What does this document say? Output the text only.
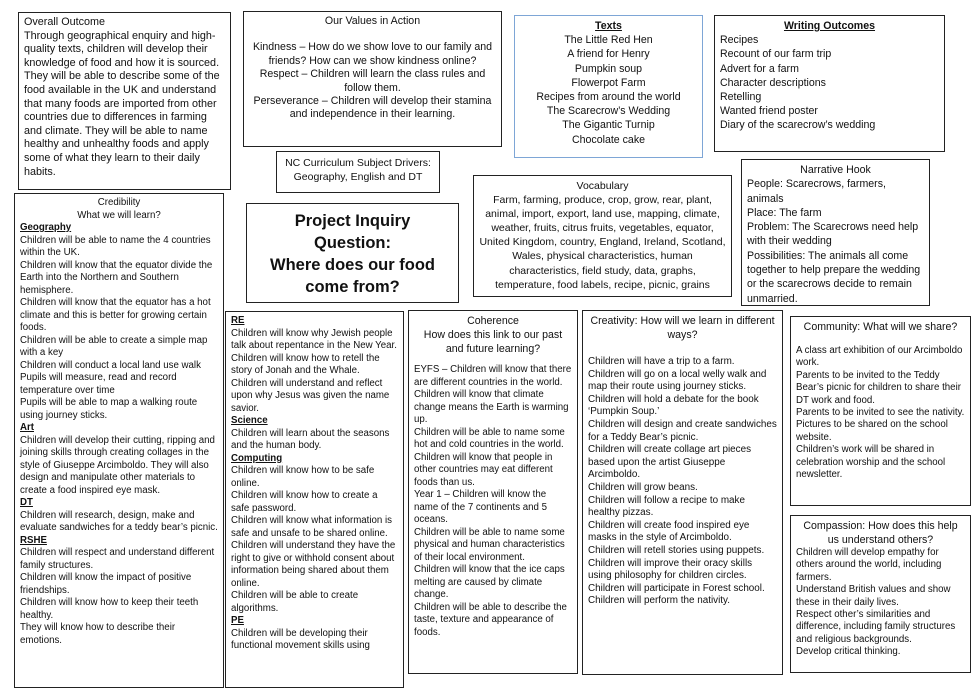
Overall Outcome
Through geographical enquiry and high-quality texts, children will develop their knowledge of food and how it is sourced. They will be able to describe some of the food available in the UK and understand that many foods are imported from other countries due to differences in farming and climate. They will be able to name healthy and unhealthy foods and apply some of what they learn to their daily habits.
Our Values in Action
Kindness – How do we show love to our family and friends? How can we show kindness online?
Respect – Children will learn the class rules and follow them.
Perseverance – Children will develop their stamina and independence in their learning.
Texts
The Little Red Hen
A friend for Henry
Pumpkin soup
Flowerpot Farm
Recipes from around the world
The Scarecrow’s Wedding
The Gigantic Turnip
Chocolate cake
Writing Outcomes
Recipes
Recount of our farm trip
Advert for a farm
Character descriptions
Retelling
Wanted friend poster
Diary of the scarecrow’s wedding
NC Curriculum Subject Drivers:
Geography, English and DT
Vocabulary
Farm, farming, produce, crop, grow, rear, plant, animal, import, export, land use, mapping, climate, weather, fruits, citrus fruits, vegetables, equator, United Kingdom, country, England, Ireland, Scotland, Wales, physical characteristics, human characteristics, field study, data, graphs, temperature, food labels, recipe, picnic, grains
Narrative Hook
People: Scarecrows, farmers, animals
Place: The farm
Problem: The Scarecrows need help with their wedding
Possibilities: The animals all come together to help prepare the wedding or the scarecrows decide to remain unmarried.
Project Inquiry
Question:
Where does our food
come from?
Credibility
What we will learn?
Geography
Children will be able to name the 4 countries within the UK.
Children will know that the equator divide the Earth into the Northern and Southern hemisphere.
Children will know that the equator has a hot climate and this is better for growing certain foods.
Children will be able to create a simple map with a key
Children will conduct a local land use walk
Pupils will measure, read and record temperature over time
Pupils will be able to map a walking route using journey sticks.
Art
Children will develop their cutting, ripping and joining skills through creating collages in the style of Giuseppe Arcimboldo. They will also design and manipulate other materials to create a food inspired eye mask.
DT
Children will research, design, make and evaluate sandwiches for a teddy bear’s picnic.
RSHE
Children will respect and understand different family structures.
Children will know the impact of positive friendships.
Children will know how to keep their teeth healthy.
They will know how to describe their emotions.
RE
Children will know why Jewish people talk about repentance in the New Year.
Children will know how to retell the story of Jonah and the Whale.
Children will understand and reflect upon why Jesus was given the name savior.
Science
Children will learn about the seasons and the human body.
Computing
Children will know how to be safe online.
Children will know how to create a safe password.
Children will know what information is safe and unsafe to be shared online.
Children will understand they have the right to give or withhold consent about information being shared about them online.
Children will be able to create algorithms.
PE
Children will be developing their functional movement skills using
Coherence
How does this link to our past and future learning?
EYFS – Children will know that there are different countries in the world.
Children will know that climate change means the Earth is warming up.
Children will be able to name some hot and cold countries in the world.
Children will know that people in other countries may eat different foods than us.
Year 1 – Children will know the name of the 7 continents and 5 oceans.
Children will be able to name some physical and human characteristics of their local environment.
Children will know that the ice caps melting are caused by climate change.
Children will be able to describe the taste, texture and appearance of foods.
Creativity: How will we learn in different ways?
Children will have a trip to a farm.
Children will go on a local welly walk and map their route using journey sticks.
Children will hold a debate for the book ‘Pumpkin Soup.’
Children will design and create sandwiches for a Teddy Bear’s picnic.
Children will create collage art pieces based upon the artist Giuseppe Arcimboldo.
Children will grow beans.
Children will follow a recipe to make healthy pizzas.
Children will create food inspired eye masks in the style of Arcimboldo.
Children will retell stories using puppets.
Children will improve their oracy skills using philosophy for children circles.
Children will participate in Forest school.
Children will perform the nativity.
Community: What will we share?
A class art exhibition of our Arcimboldo work.
Parents to be invited to the Teddy Bear’s picnic for children to share their DT work and food.
Parents to be invited to see the nativity.
Pictures to be shared on the school website.
Children’s work will be shared in celebration worship and the school newsletter.
Compassion: How does this help
us understand others?
Children will develop empathy for others around the world, including farmers.
Understand British values and show these in their daily lives.
Respect other’s similarities and difference, including family structures and religious backgrounds.
Develop critical thinking.
